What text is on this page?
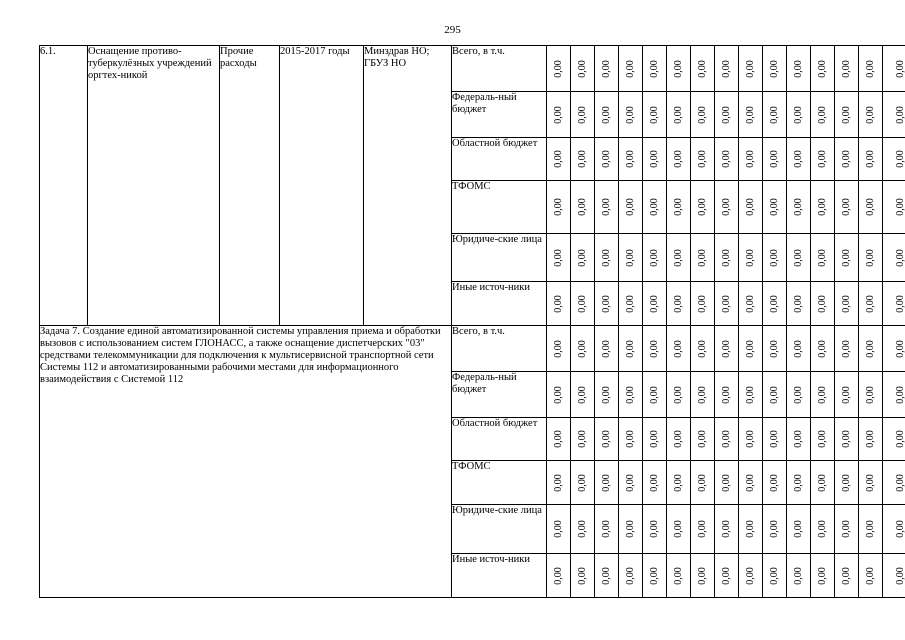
295
6.1.	Оснащение противо-туберкулёзных учреждений оргтех-никой	Прочие расходы	2015-2017 годы	Минздрав НО; ГБУЗ НО	Всего, в т.ч.	0,00	0,00	0,00	0,00	0,00	0,00	0,00	0,00	0,00	0,00	0,00	0,00	0,00	0,00	0,00

					Федераль-ный бюджет	0,00	0,00	0,00	0,00	0,00	0,00	0,00	0,00	0,00	0,00	0,00	0,00	0,00	0,00	0,00

					Областной бюджет	0,00	0,00	0,00	0,00	0,00	0,00	0,00	0,00	0,00	0,00	0,00	0,00	0,00	0,00	0,00

					ТФОМС	0,00	0,00	0,00	0,00	0,00	0,00	0,00	0,00	0,00	0,00	0,00	0,00	0,00	0,00	0,00

					Юридиче-ские лица	0,00	0,00	0,00	0,00	0,00	0,00	0,00	0,00	0,00	0,00	0,00	0,00	0,00	0,00	0,00

					Иные источ-ники	0,00	0,00	0,00	0,00	0,00	0,00	0,00	0,00	0,00	0,00	0,00	0,00	0,00	0,00	0,00

Задача 7. Создание единой автоматизированной системы управления приема и обработки вызовов с использованием систем ГЛОНАСС, а также оснащение диспетчерских "03" средствами телекоммуникации для подключения к мультисервисной транспортной сети Системы 112 и автоматизированными рабочими местами для информационного взаимодействия с Системой 112					Всего, в т.ч.	0,00	0,00	0,00	0,00	0,00	0,00	0,00	0,00	0,00	0,00	0,00	0,00	0,00	0,00	0,00

					Федераль-ный бюджет	0,00	0,00	0,00	0,00	0,00	0,00	0,00	0,00	0,00	0,00	0,00	0,00	0,00	0,00	0,00

					Областной бюджет	0,00	0,00	0,00	0,00	0,00	0,00	0,00	0,00	0,00	0,00	0,00	0,00	0,00	0,00	0,00

					ТФОМС	0,00	0,00	0,00	0,00	0,00	0,00	0,00	0,00	0,00	0,00	0,00	0,00	0,00	0,00	0,00

					Юридиче-ские лица	0,00	0,00	0,00	0,00	0,00	0,00	0,00	0,00	0,00	0,00	0,00	0,00	0,00	0,00	0,00

					Иные источ-ники	0,00	0,00	0,00	0,00	0,00	0,00	0,00	0,00	0,00	0,00	0,00	0,00	0,00	0,00	0,00
